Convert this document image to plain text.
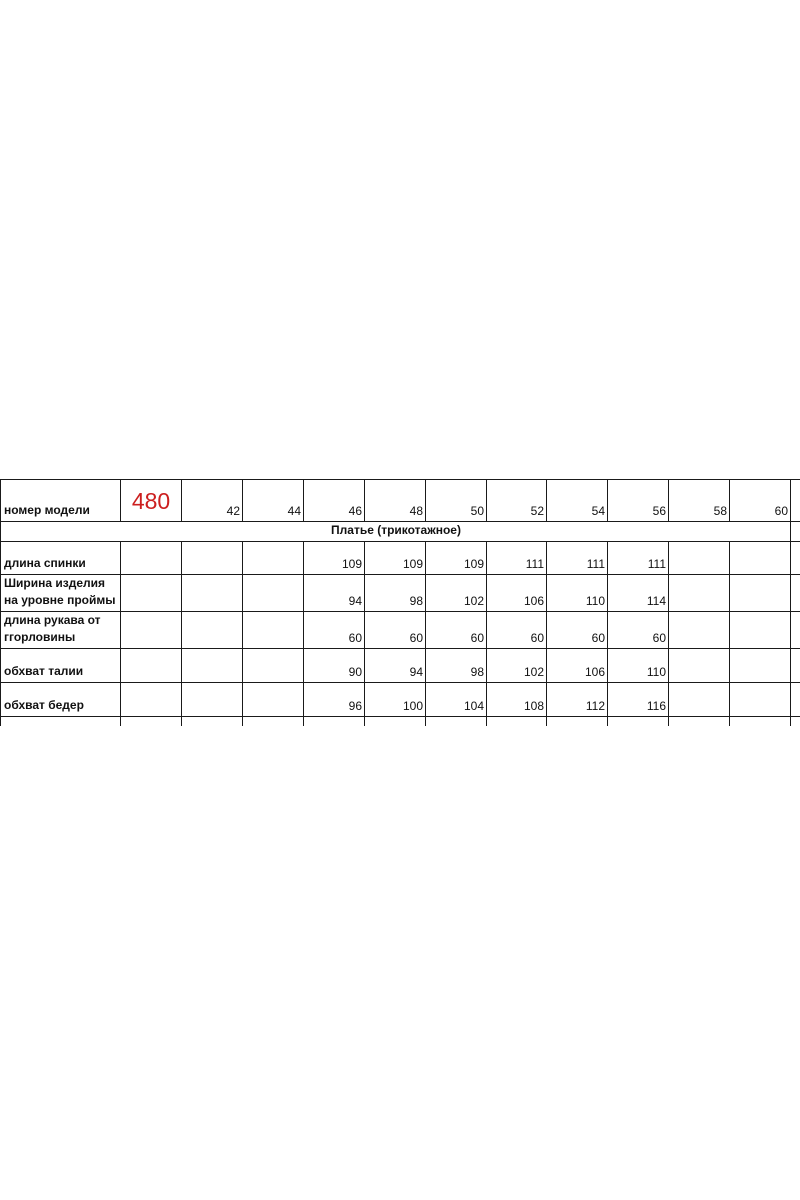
номер модели	480	42	44	46	48	50	52	54	56	58	60	
Платье (трикотажное)												
длина спинки				109	109	109	111	111	111			
Ширина изделия на уровне проймы				94	98	102	106	110	114			
длина рукава от ггорловины				60	60	60	60	60	60			
обхват талии				90	94	98	102	106	110			
обхват бедер				96	100	104	108	112	116			
